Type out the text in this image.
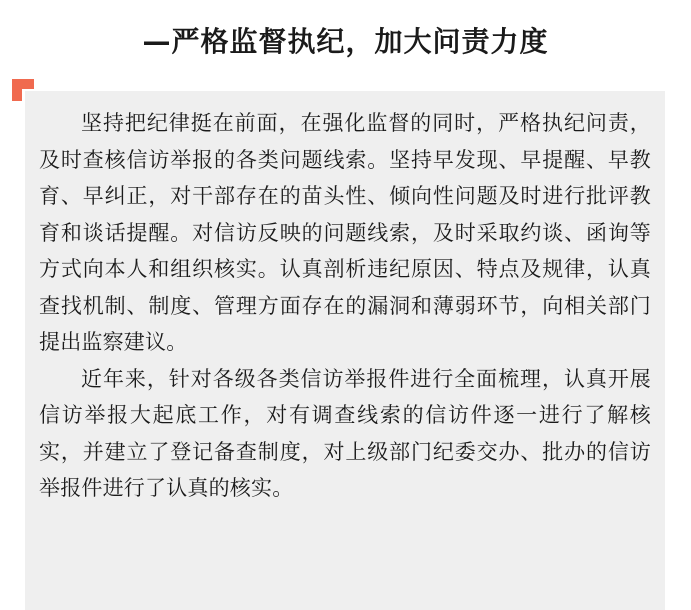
—严格监督执纪，加大问责力度

坚持把纪律挺在前面，在强化监督的同时，严格执纪问责，及时查核信访举报的各类问题线索。坚持早发现、早提醒、早教育、早纠正，对干部存在的苗头性、倾向性问题及时进行批评教育和谈话提醒。对信访反映的问题线索，及时采取约谈、函询等方式向本人和组织核实。认真剖析违纪原因、特点及规律，认真查找机制、制度、管理方面存在的漏洞和薄弱环节，向相关部门提出监察建议。

近年来，针对各级各类信访举报件进行全面梳理，认真开展信访举报大起底工作，对有调查线索的信访件逐一进行了解核实，并建立了登记备查制度，对上级部门纪委交办、批办的信访举报件进行了认真的核实。
